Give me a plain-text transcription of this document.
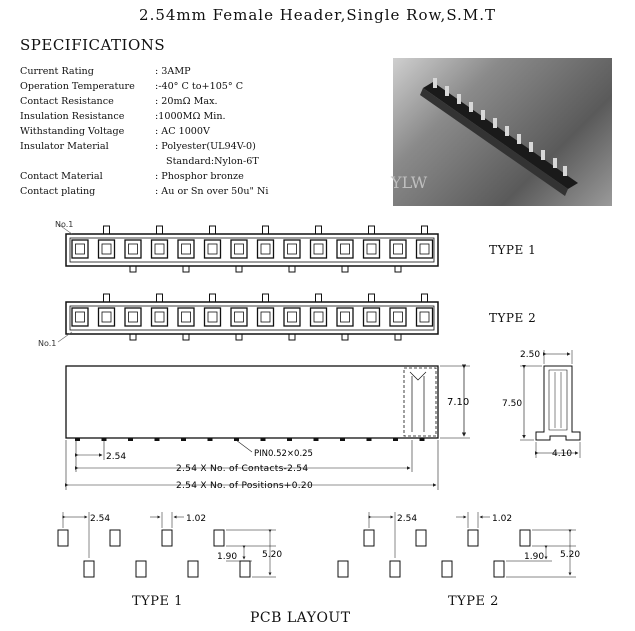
2.54mm Female Header,Single Row,S.M.T
SPECIFICATIONS
Current Rating	: 3AMP
Operation Temperature :-40° C to+105° C
Contact Resistance	: 20mΩ Max.
Insulation Resistance	:1000MΩ Min.
Withstanding Voltage	: AC 1000V
Insulator Material	: Polyester(UL94V-0)
Standard:Nylon-6T
Contact Material	: Phosphor bronze
Contact plating	: Au or Sn over 50u" Ni	YLW
No.1
No.1
7.10
2.54	PIN0.52×0.25
2.54 X No. of Contacts-2.54
2.54 X No. of Positions+0.20
2.50
7.50
4.10
2.54	1.02
1.90	5.20
2.54	1.02
1.90 5.20
TYPE 1
TYPE 2
TYPE 1	TYPE 2
PCB LAYOUT
